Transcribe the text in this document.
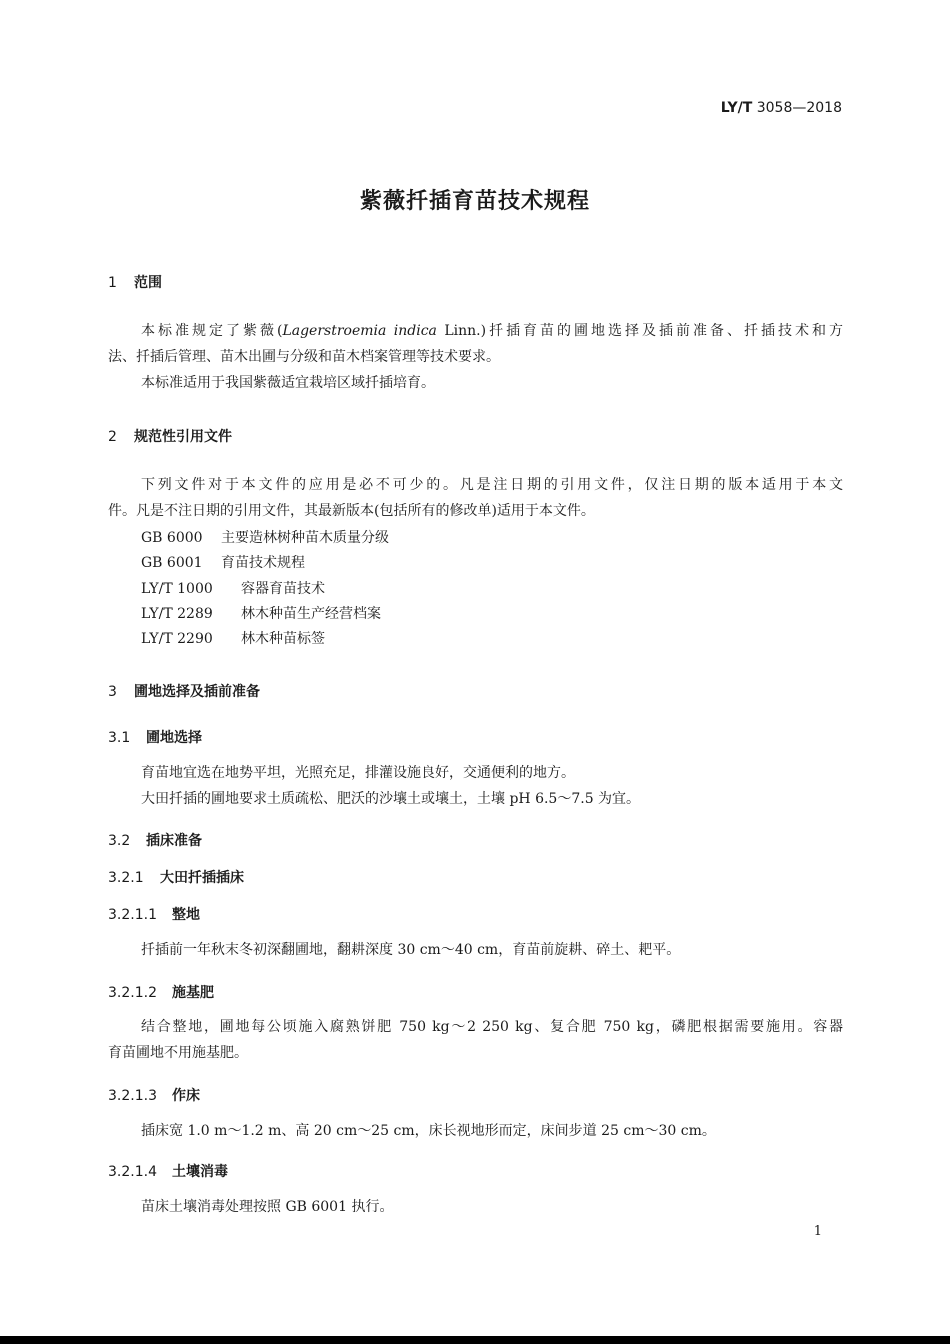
LY/T 3058—2018
紫薇扦插育苗技术规程
1 范围
本标准规定了紫薇(Lagerstroemia indica Linn.)扦插育苗的圃地选择及插前准备、扦插技术和方
法、扦插后管理、苗木出圃与分级和苗木档案管理等技术要求。
本标准适用于我国紫薇适宜栽培区域扦插培育。
2 规范性引用文件
下列文件对于本文件的应用是必不可少的。凡是注日期的引用文件，仅注日期的版本适用于本文
件。凡是不注日期的引用文件，其最新版本(包括所有的修改单)适用于本文件。
GB 6000 主要造林树种苗木质量分级
GB 6001 育苗技术规程
LY/T 1000 容器育苗技术
LY/T 2289 林木种苗生产经营档案
LY/T 2290 林木种苗标签
3 圃地选择及插前准备
3.1 圃地选择
育苗地宜选在地势平坦，光照充足，排灌设施良好，交通便利的地方。
大田扦插的圃地要求土质疏松、肥沃的沙壤土或壤土，土壤 pH 6.5～7.5 为宜。
3.2 插床准备
3.2.1 大田扦插插床
3.2.1.1 整地
扦插前一年秋末冬初深翻圃地，翻耕深度 30 cm～40 cm，育苗前旋耕、碎土、耙平。
3.2.1.2 施基肥
结合整地，圃地每公顷施入腐熟饼肥 750 kg～2 250 kg、复合肥 750 kg，磷肥根据需要施用。容器
育苗圃地不用施基肥。
3.2.1.3 作床
插床宽 1.0 m～1.2 m、高 20 cm～25 cm，床长视地形而定，床间步道 25 cm～30 cm。
3.2.1.4 土壤消毒
苗床土壤消毒处理按照 GB 6001 执行。
1
